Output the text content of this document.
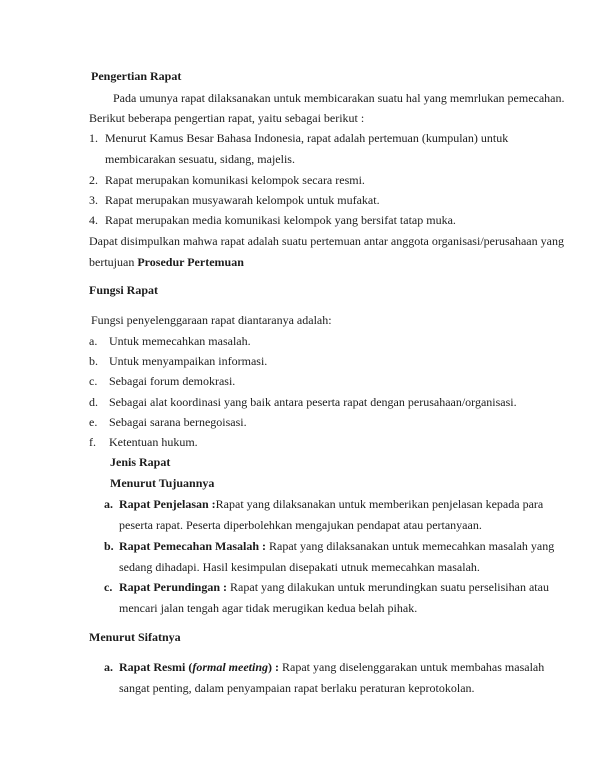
Pengertian Rapat
Pada umunya rapat dilaksanakan untuk membicarakan suatu hal yang memrlukan pemecahan.
Berikut beberapa pengertian rapat, yaitu sebagai berikut :
1. Menurut Kamus Besar Bahasa Indonesia, rapat adalah pertemuan (kumpulan) untuk
membicarakan sesuatu, sidang, majelis.
2. Rapat merupakan komunikasi kelompok secara resmi.
3. Rapat merupakan musyawarah kelompok untuk mufakat.
4. Rapat merupakan media komunikasi kelompok yang bersifat tatap muka.
Dapat disimpulkan mahwa rapat adalah suatu pertemuan antar anggota organisasi/perusahaan yang
bertujuan Prosedur Pertemuan
Fungsi Rapat
Fungsi penyelenggaraan rapat diantaranya adalah:
a. Untuk memecahkan masalah.
b. Untuk menyampaikan informasi.
c. Sebagai forum demokrasi.
d. Sebagai alat koordinasi yang baik antara peserta rapat dengan perusahaan/organisasi.
e. Sebagai sarana bernegoisasi.
f. Ketentuan hukum.
Jenis Rapat
Menurut Tujuannya
a. Rapat Penjelasan :Rapat yang dilaksanakan untuk memberikan penjelasan kepada para
peserta rapat. Peserta diperbolehkan mengajukan pendapat atau pertanyaan.
b. Rapat Pemecahan Masalah : Rapat yang dilaksanakan untuk memecahkan masalah yang
sedang dihadapi. Hasil kesimpulan disepakati utnuk memecahkan masalah.
c. Rapat Perundingan : Rapat yang dilakukan untuk merundingkan suatu perselisihan atau
mencari jalan tengah agar tidak merugikan kedua belah pihak.
Menurut Sifatnya
a. Rapat Resmi (formal meeting) : Rapat yang diselenggarakan untuk membahas masalah
sangat penting, dalam penyampaian rapat berlaku peraturan keprotokolan.
